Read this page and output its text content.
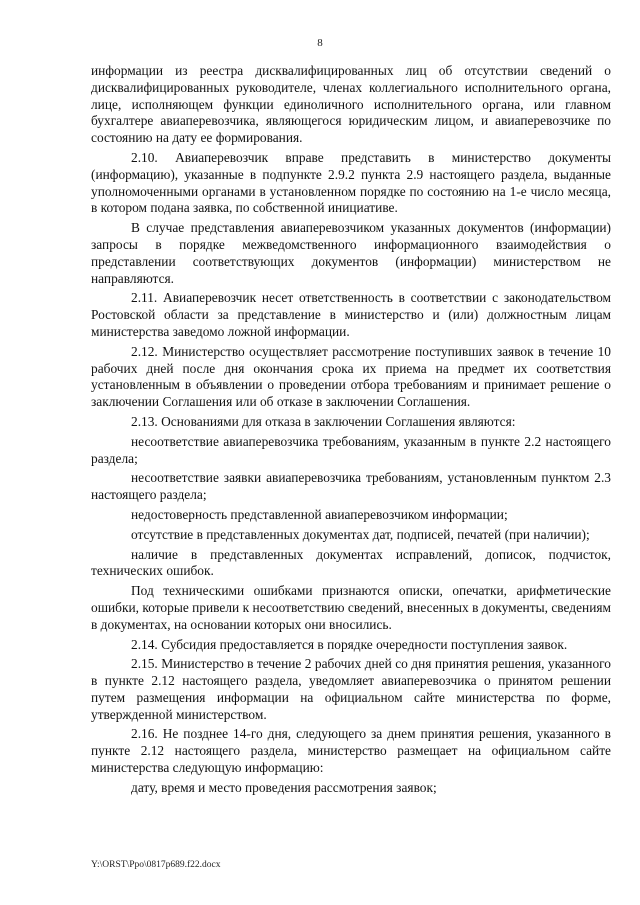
8

информации из реестра дисквалифицированных лиц об отсутствии сведений о дисквалифицированных руководителе, членах коллегиального исполнительного органа, лице, исполняющем функции единоличного исполнительного органа, или главном бухгалтере авиаперевозчика, являющегося юридическим лицом, и авиаперевозчике по состоянию на дату ее формирования.

2.10. Авиаперевозчик вправе представить в министерство документы (информацию), указанные в подпункте 2.9.2 пункта 2.9 настоящего раздела, выданные уполномоченными органами в установленном порядке по состоянию на 1-е число месяца, в котором подана заявка, по собственной инициативе.

В случае представления авиаперевозчиком указанных документов (информации) запросы в порядке межведомственного информационного взаимодействия о представлении соответствующих документов (информации) министерством не направляются.

2.11. Авиаперевозчик несет ответственность в соответствии с законодательством Ростовской области за представление в министерство и (или) должностным лицам министерства заведомо ложной информации.

2.12. Министерство осуществляет рассмотрение поступивших заявок в течение 10 рабочих дней после дня окончания срока их приема на предмет их соответствия установленным в объявлении о проведении отбора требованиям и принимает решение о заключении Соглашения или об отказе в заключении Соглашения.

2.13. Основаниями для отказа в заключении Соглашения являются:

несоответствие авиаперевозчика требованиям, указанным в пункте 2.2 настоящего раздела;

несоответствие заявки авиаперевозчика требованиям, установленным пунктом 2.3 настоящего раздела;

недостоверность представленной авиаперевозчиком информации;

отсутствие в представленных документах дат, подписей, печатей (при наличии);

наличие в представленных документах исправлений, дописок, подчисток, технических ошибок.

Под техническими ошибками признаются описки, опечатки, арифметические ошибки, которые привели к несоответствию сведений, внесенных в документы, сведениям в документах, на основании которых они вносились.

2.14. Субсидия предоставляется в порядке очередности поступления заявок.

2.15. Министерство в течение 2 рабочих дней со дня принятия решения, указанного в пункте 2.12 настоящего раздела, уведомляет авиаперевозчика о принятом решении путем размещения информации на официальном сайте министерства по форме, утвержденной министерством.

2.16. Не позднее 14-го дня, следующего за днем принятия решения, указанного в пункте 2.12 настоящего раздела, министерство размещает на официальном сайте министерства следующую информацию:

дату, время и место проведения рассмотрения заявок;

Y:\ORST\Ppo\0817p689.f22.docx
